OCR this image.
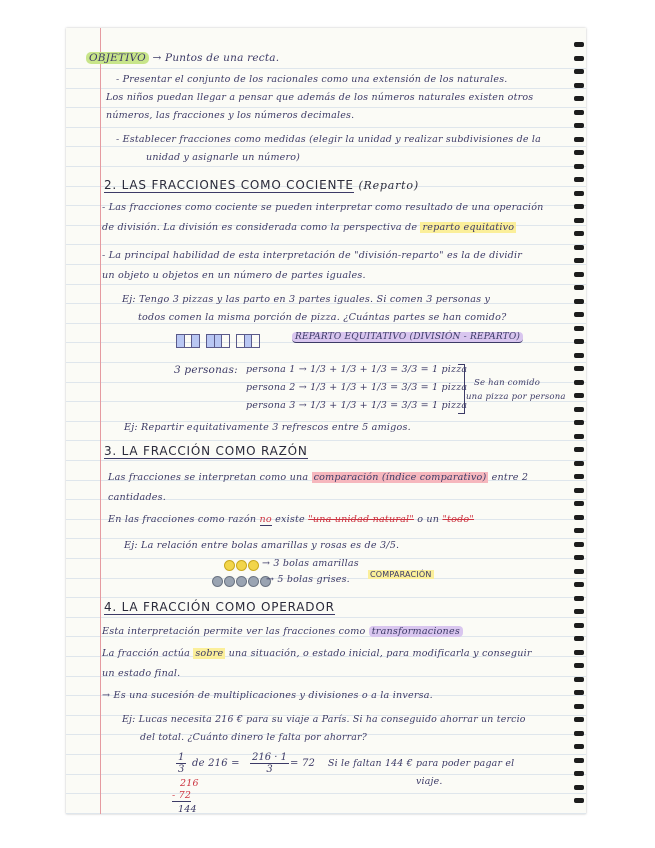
OBJETIVO → Puntos de una recta.
- Presentar el conjunto de los racionales como una extensión de los naturales.
Los niños puedan llegar a pensar que además de los números naturales existen otros
números, las fracciones y los números decimales.
- Establecer fracciones como medidas (elegir la unidad y realizar subdivisiones de la
unidad y asignarle un número)
2. LAS FRACCIONES COMO COCIENTE (Reparto)
- Las fracciones como cociente se pueden interpretar como resultado de una operación
de división. La división es considerada como la perspectiva de reparto equitativo
- La principal habilidad de esta interpretación de "división-reparto" es la de dividir
un objeto u objetos en un número de partes iguales.
Ej: Tengo 3 pizzas y las parto en 3 partes iguales. Si comen 3 personas y
todos comen la misma porción de pizza. ¿Cuántas partes se han comido?
REPARTO EQUITATIVO (DIVISIÓN - REPARTO)
3 personas: persona 1 → 1/3 + 1/3 + 1/3 = 3/3 = 1 pizza
persona 2 → 1/3 + 1/3 + 1/3 = 3/3 = 1 pizza
persona 3 → 1/3 + 1/3 + 1/3 = 3/3 = 1 pizza
Se han comido
una pizza por persona
Ej: Repartir equitativamente 3 refrescos entre 5 amigos.
3. LA FRACCIÓN COMO RAZÓN
Las fracciones se interpretan como una comparación (índice comparativo) entre 2
cantidades.
En las fracciones como razón no existe "una unidad natural" o un "todo"
Ej: La relación entre bolas amarillas y rosas es de 3/5.
→ 3 bolas amarillas
→ 5 bolas grises.	COMPARACIÓN
4. LA FRACCIÓN COMO OPERADOR
Esta interpretación permite ver las fracciones como transformaciones
La fracción actúa sobre una situación, o estado inicial, para modificarla y conseguir
un estado final.
→ Es una sucesión de multiplicaciones y divisiones o a la inversa.
Ej: Lucas necesita 216 € para su viaje a París. Si ha conseguido ahorrar un tercio
del total. ¿Cuánto dinero le falta por ahorrar?
$\frac{1}{3}$ de $216 = \frac{216 \cdot 1}{3} = 72$ Si le faltan 144 € para poder pagar el
viaje.
216
- 72
144
